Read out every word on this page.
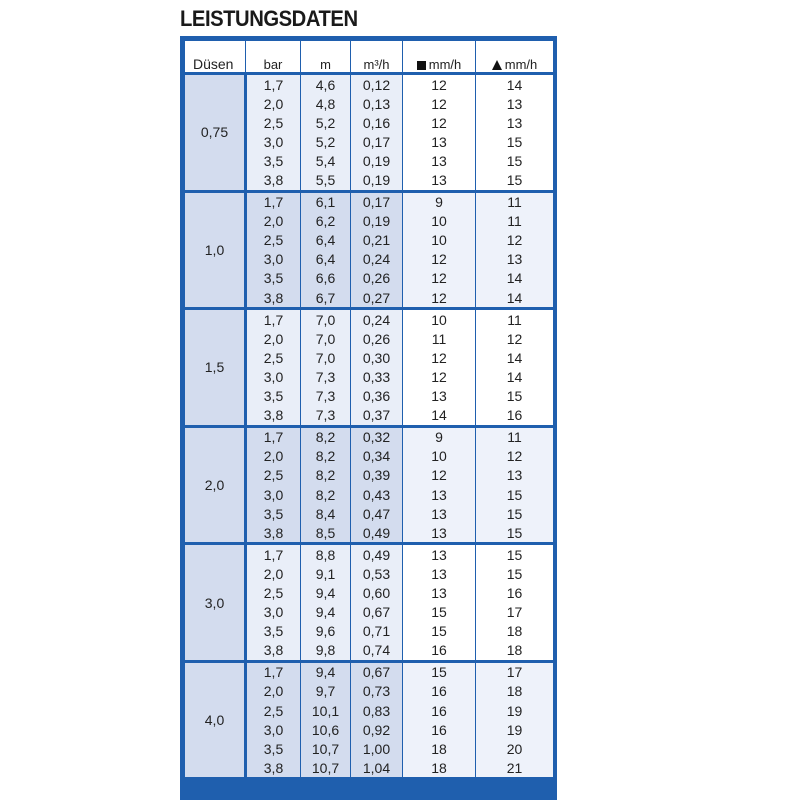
LEISTUNGSDATEN
Düsen	bar	m	m³/h	mm/h	mm/h
0,75	1,7	4,6	0,12	12	14
	2,0	4,8	0,13	12	13
	2,5	5,2	0,16	12	13
	3,0	5,2	0,17	13	15
	3,5	5,4	0,19	13	15
	3,8	5,5	0,19	13	15
1,0	1,7	6,1	0,17	9	11
	2,0	6,2	0,19	10	11
	2,5	6,4	0,21	10	12
	3,0	6,4	0,24	12	13
	3,5	6,6	0,26	12	14
	3,8	6,7	0,27	12	14
1,5	1,7	7,0	0,24	10	11
	2,0	7,0	0,26	11	12
	2,5	7,0	0,30	12	14
	3,0	7,3	0,33	12	14
	3,5	7,3	0,36	13	15
	3,8	7,3	0,37	14	16
2,0	1,7	8,2	0,32	9	11
	2,0	8,2	0,34	10	12
	2,5	8,2	0,39	12	13
	3,0	8,2	0,43	13	15
	3,5	8,4	0,47	13	15
	3,8	8,5	0,49	13	15
3,0	1,7	8,8	0,49	13	15
	2,0	9,1	0,53	13	15
	2,5	9,4	0,60	13	16
	3,0	9,4	0,67	15	17
	3,5	9,6	0,71	15	18
	3,8	9,8	0,74	16	18
4,0	1,7	9,4	0,67	15	17
	2,0	9,7	0,73	16	18
	2,5	10,1	0,83	16	19
	3,0	10,6	0,92	16	19
	3,5	10,7	1,00	18	20
	3,8	10,7	1,04	18	21
